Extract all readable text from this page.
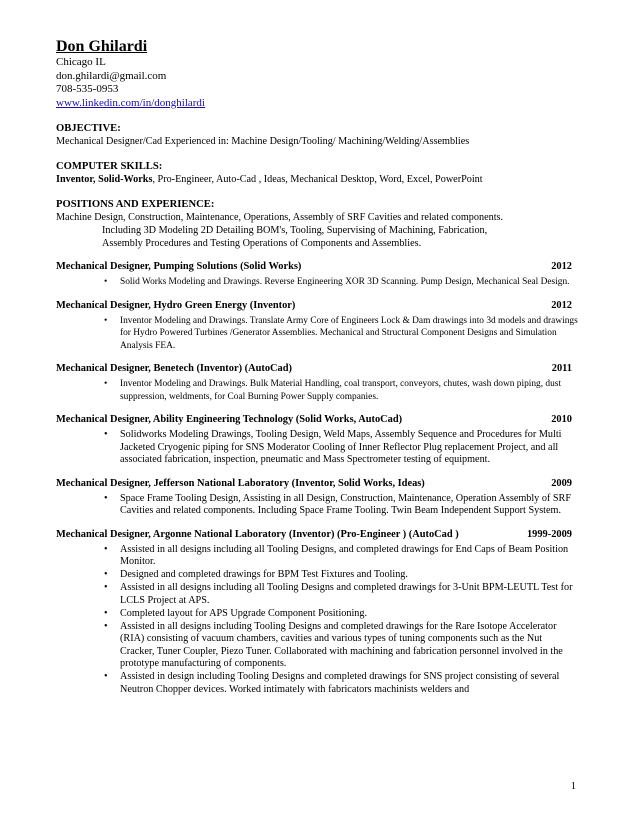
Don Ghilardi
Chicago IL
don.ghilardi@gmail.com
708-535-0953
www.linkedin.com/in/donghilardi
OBJECTIVE:
Mechanical Designer/Cad Experienced in: Machine Design/Tooling/ Machining/Welding/Assemblies
COMPUTER SKILLS:
Inventor, Solid-Works, Pro-Engineer, Auto-Cad , Ideas, Mechanical Desktop, Word, Excel, PowerPoint
POSITIONS AND EXPERIENCE:
Machine Design, Construction, Maintenance, Operations, Assembly of SRF Cavities and related components.
Including 3D Modeling 2D Detailing BOM's, Tooling, Supervising of Machining, Fabrication,
Assembly Procedures and Testing Operations of Components and Assemblies.
Mechanical Designer, Pumping Solutions (Solid Works)	2012
• Solid Works Modeling and Drawings. Reverse Engineering XOR 3D Scanning. Pump Design, Mechanical Seal Design.
Mechanical Designer, Hydro Green Energy (Inventor)	2012
• Inventor Modeling and Drawings. Translate Army Core of Engineers Lock & Dam drawings into 3d models and drawings for Hydro Powered Turbines /Generator Assemblies. Mechanical and Structural Component Designs and Simulation Analysis FEA.
Mechanical Designer, Benetech (Inventor) (AutoCad)	2011
• Inventor Modeling and Drawings. Bulk Material Handling, coal transport, conveyors, chutes, wash down piping, dust suppression, weldments, for Coal Burning Power Supply companies.
Mechanical Designer, Ability Engineering Technology (Solid Works, AutoCad)	2010
• Solidworks Modeling Drawings, Tooling Design, Weld Maps, Assembly Sequence and Procedures for Multi Jacketed Cryogenic piping for SNS Moderator Cooling of Inner Reflector Plug replacement Project, and all associated fabrication, inspection, pneumatic and Mass Spectrometer testing of equipment.
Mechanical Designer, Jefferson National Laboratory (Inventor, Solid Works, Ideas)	2009
• Space Frame Tooling Design, Assisting in all Design, Construction, Maintenance, Operation Assembly of SRF Cavities and related components. Including Space Frame Tooling. Twin Beam Independent Support System.
Mechanical Designer, Argonne National Laboratory (Inventor) (Pro-Engineer ) (AutoCad )	1999-2009
• Assisted in all designs including all Tooling Designs, and completed drawings for End Caps of Beam Position Monitor.
• Designed and completed drawings for BPM Test Fixtures and Tooling.
• Assisted in all designs including all Tooling Designs and completed drawings for 3-Unit BPM-LEUTL Test for LCLS Project at APS.
• Completed layout for APS Upgrade Component Positioning.
• Assisted in all designs including Tooling Designs and completed drawings for the Rare Isotope Accelerator (RIA) consisting of vacuum chambers, cavities and various types of tuning components such as the Nut Cracker, Tuner Coupler, Piezo Tuner. Collaborated with machining and fabrication personnel involved in the prototype manufacturing of components.
• Assisted in design including Tooling Designs and completed drawings for SNS project consisting of several Neutron Chopper devices. Worked intimately with fabricators machinists welders and
1
